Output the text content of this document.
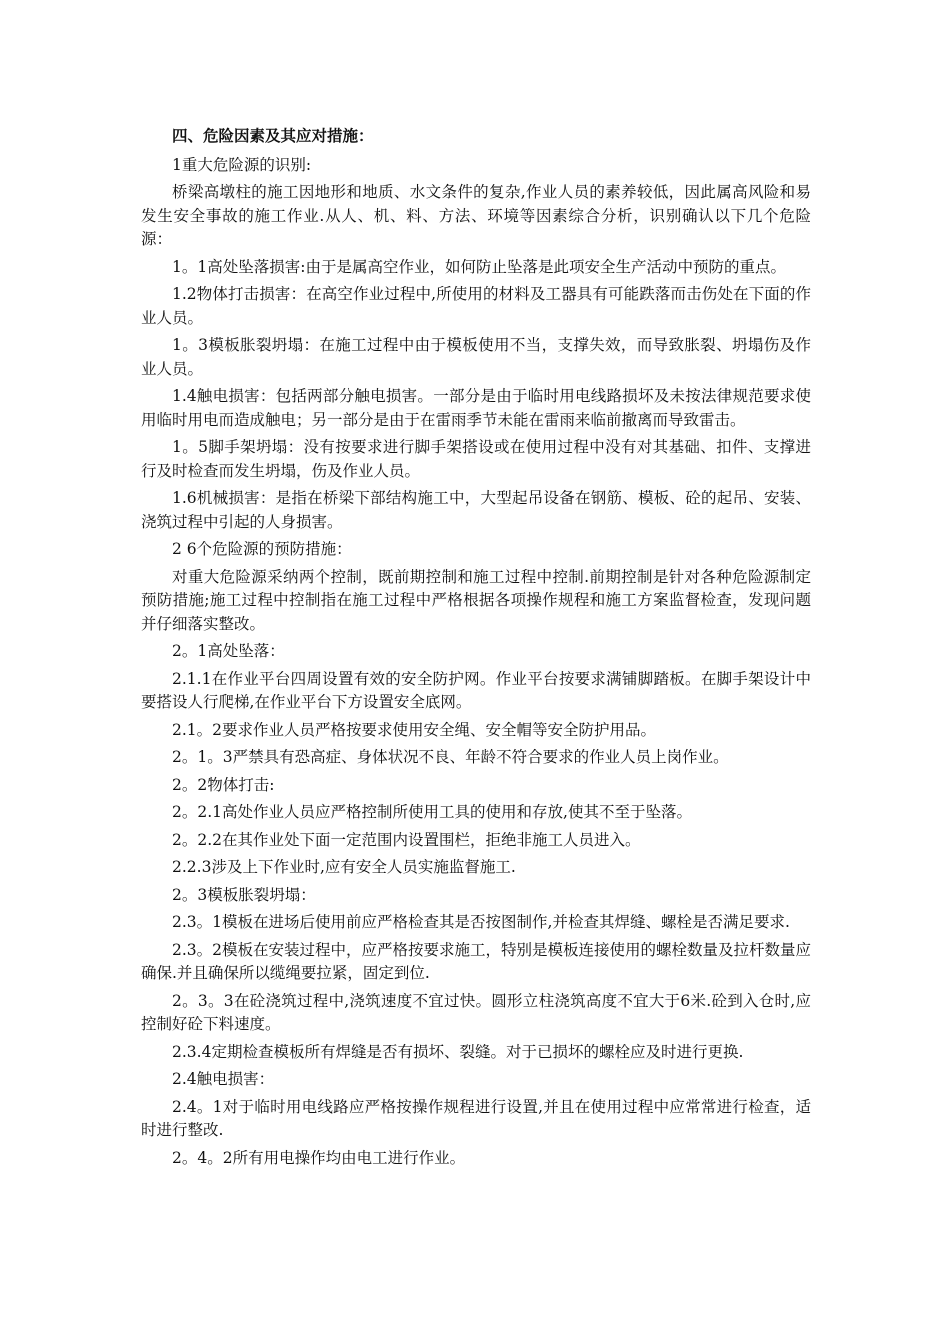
四、危险因素及其应对措施：
1重大危险源的识别:
桥梁高墩柱的施工因地形和地质、水文条件的复杂,作业人员的素养较低，因此属高风险和易发生安全事故的施工作业.从人、机、料、方法、环境等因素综合分析，识别确认以下几个危险源：
1。1高处坠落损害:由于是属高空作业，如何防止坠落是此项安全生产活动中预防的重点。
1.2物体打击损害：在高空作业过程中,所使用的材料及工器具有可能跌落而击伤处在下面的作业人员。
1。3模板胀裂坍塌：在施工过程中由于模板使用不当，支撑失效，而导致胀裂、坍塌伤及作业人员。
1.4触电损害：包括两部分触电损害。一部分是由于临时用电线路损坏及未按法律规范要求使用临时用电而造成触电；另一部分是由于在雷雨季节未能在雷雨来临前撤离而导致雷击。
1。5脚手架坍塌：没有按要求进行脚手架搭设或在使用过程中没有对其基础、扣件、支撑进行及时检查而发生坍塌，伤及作业人员。
1.6机械损害：是指在桥梁下部结构施工中，大型起吊设备在钢筋、模板、砼的起吊、安装、浇筑过程中引起的人身损害。
2 6个危险源的预防措施：
对重大危险源采纳两个控制，既前期控制和施工过程中控制.前期控制是针对各种危险源制定预防措施;施工过程中控制指在施工过程中严格根据各项操作规程和施工方案监督检查，发现问题并仔细落实整改。
2。1高处坠落：
2.1.1在作业平台四周设置有效的安全防护网。作业平台按要求满铺脚踏板。在脚手架设计中要搭设人行爬梯,在作业平台下方设置安全底网。
2.1。2要求作业人员严格按要求使用安全绳、安全帽等安全防护用品。
2。1。3严禁具有恐高症、身体状况不良、年龄不符合要求的作业人员上岗作业。
2。2物体打击:
2。2.1高处作业人员应严格控制所使用工具的使用和存放,使其不至于坠落。
2。2.2在其作业处下面一定范围内设置围栏，拒绝非施工人员进入。
2.2.3涉及上下作业时,应有安全人员实施监督施工.
2。3模板胀裂坍塌：
2.3。1模板在进场后使用前应严格检查其是否按图制作,并检查其焊缝、螺栓是否满足要求.
2.3。2模板在安装过程中，应严格按要求施工，特别是模板连接使用的螺栓数量及拉杆数量应确保.并且确保所以缆绳要拉紧，固定到位.
2。3。3在砼浇筑过程中,浇筑速度不宜过快。圆形立柱浇筑高度不宜大于6米.砼到入仓时,应控制好砼下料速度。
2.3.4定期检查模板所有焊缝是否有损坏、裂缝。对于已损坏的螺栓应及时进行更换.
2.4触电损害：
2.4。1对于临时用电线路应严格按操作规程进行设置,并且在使用过程中应常常进行检查，适时进行整改.
2。4。2所有用电操作均由电工进行作业。
